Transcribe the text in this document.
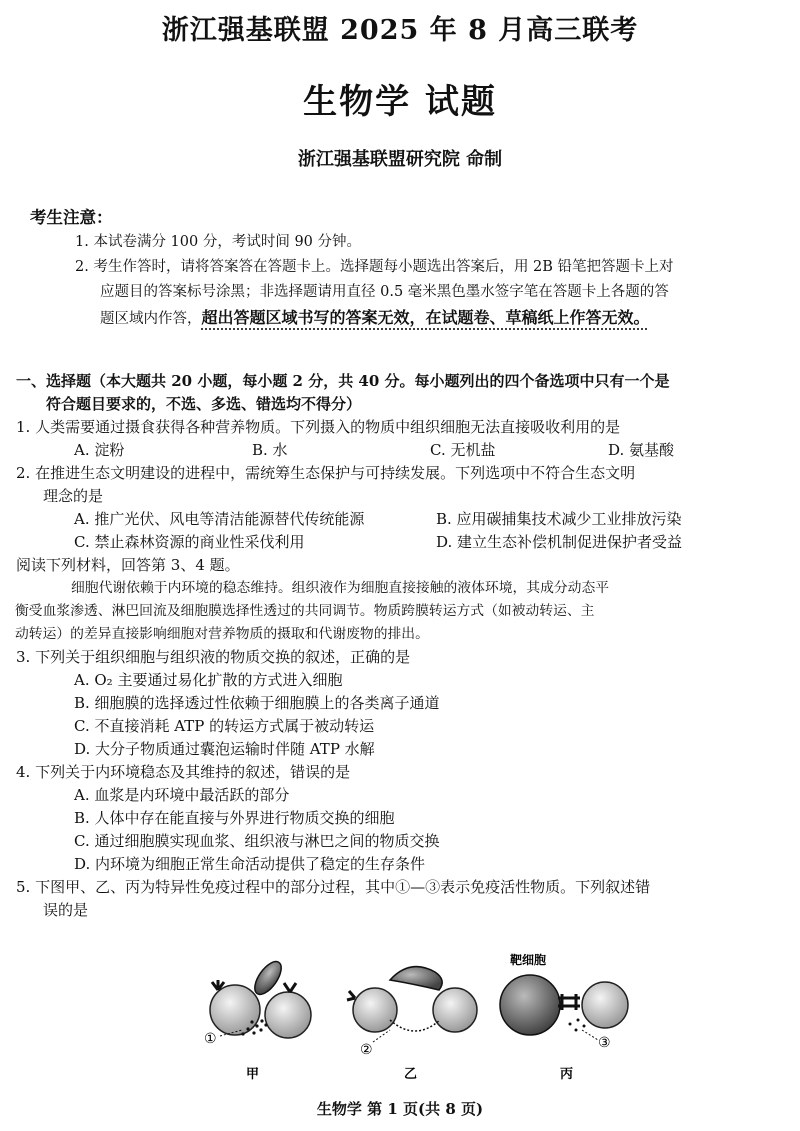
浙江强基联盟 2025 年 8 月高三联考
生物学 试题
浙江强基联盟研究院 命制
考生注意：
1. 本试卷满分 100 分，考试时间 90 分钟。
2. 考生作答时，请将答案答在答题卡上。选择题每小题选出答案后，用 2B 铅笔把答题卡上对
应题目的答案标号涂黑；非选择题请用直径 0.5 毫米黑色墨水签字笔在答题卡上各题的答
题区域内作答，超出答题区域书写的答案无效，在试题卷、草稿纸上作答无效。
一、选择题（本大题共 20 小题，每小题 2 分，共 40 分。每小题列出的四个备选项中只有一个是
符合题目要求的，不选、多选、错选均不得分）
1. 人类需要通过摄食获得各种营养物质。下列摄入的物质中组织细胞无法直接吸收利用的是
A. 淀粉	B. 水	C. 无机盐	D. 氨基酸
2. 在推进生态文明建设的进程中，需统筹生态保护与可持续发展。下列选项中不符合生态文明
理念的是
A. 推广光伏、风电等清洁能源替代传统能源	B. 应用碳捕集技术减少工业排放污染
C. 禁止森林资源的商业性采伐利用	D. 建立生态补偿机制促进保护者受益
阅读下列材料，回答第 3、4 题。
细胞代谢依赖于内环境的稳态维持。组织液作为细胞直接接触的液体环境，其成分动态平
衡受血浆渗透、淋巴回流及细胞膜选择性透过的共同调节。物质跨膜转运方式（如被动转运、主
动转运）的差异直接影响细胞对营养物质的摄取和代谢废物的排出。
3. 下列关于组织细胞与组织液的物质交换的叙述，正确的是
A. O₂ 主要通过易化扩散的方式进入细胞
B. 细胞膜的选择透过性依赖于细胞膜上的各类离子通道
C. 不直接消耗 ATP 的转运方式属于被动转运
D. 大分子物质通过囊泡运输时伴随 ATP 水解
4. 下列关于内环境稳态及其维持的叙述，错误的是
A. 血浆是内环境中最活跃的部分
B. 人体中存在能直接与外界进行物质交换的细胞
C. 通过细胞膜实现血浆、组织液与淋巴之间的物质交换
D. 内环境为细胞正常生命活动提供了稳定的生存条件
5. 下图甲、乙、丙为特异性免疫过程中的部分过程，其中①—③表示免疫活性物质。下列叙述错
误的是
①
甲
②
乙
靶细胞
③
丙
生物学 第 1 页(共 8 页)
